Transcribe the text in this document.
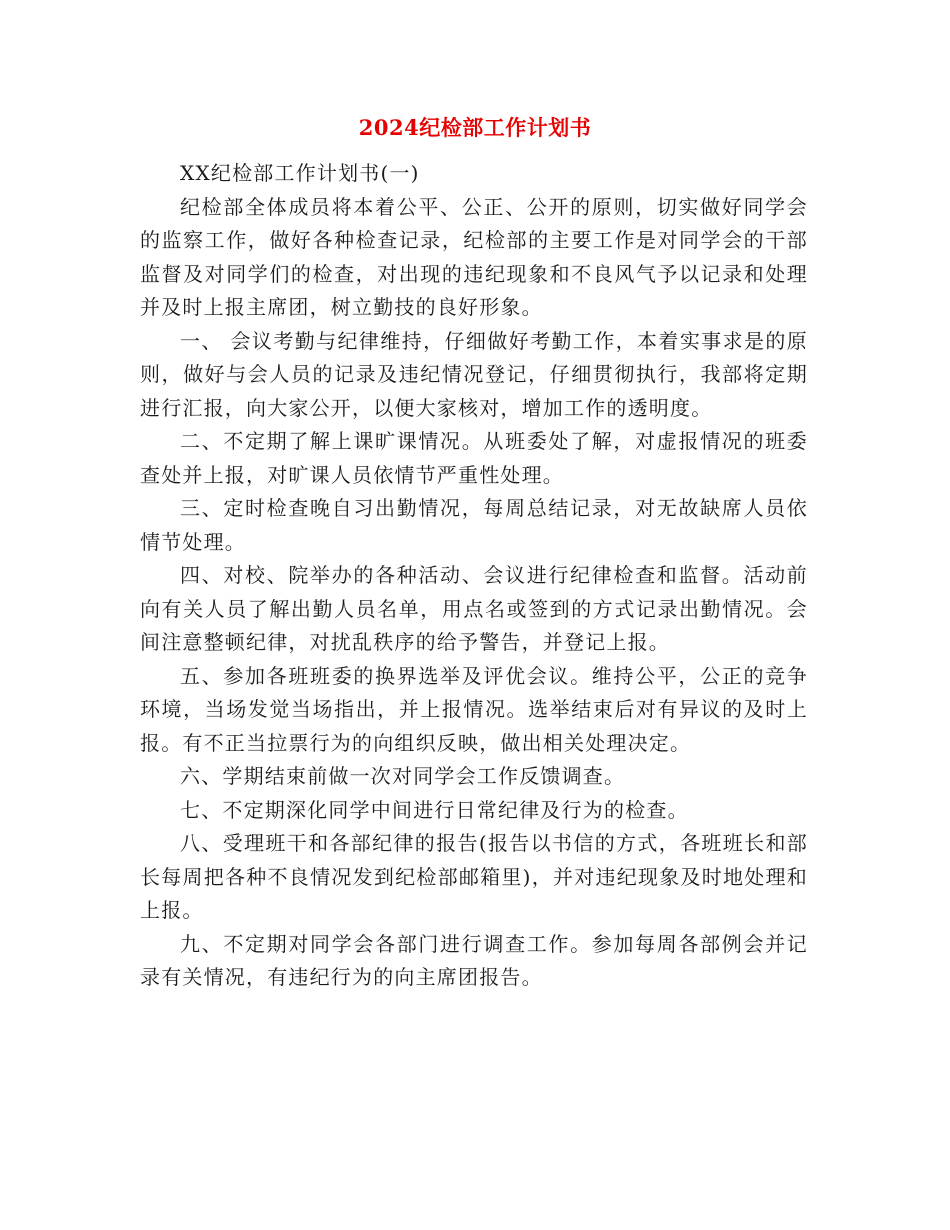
2024纪检部工作计划书

XX纪检部工作计划书(一)

纪检部全体成员将本着公平、公正、公开的原则，切实做好同学会的监察工作，做好各种检查记录，纪检部的主要工作是对同学会的干部监督及对同学们的检查，对出现的违纪现象和不良风气予以记录和处理并及时上报主席团，树立勤技的良好形象。

一、 会议考勤与纪律维持，仔细做好考勤工作，本着实事求是的原则，做好与会人员的记录及违纪情况登记，仔细贯彻执行，我部将定期进行汇报，向大家公开，以便大家核对，增加工作的透明度。

二、不定期了解上课旷课情况。从班委处了解，对虚报情况的班委查处并上报，对旷课人员依情节严重性处理。

三、定时检查晚自习出勤情况，每周总结记录，对无故缺席人员依情节处理。

四、对校、院举办的各种活动、会议进行纪律检查和监督。活动前向有关人员了解出勤人员名单，用点名或签到的方式记录出勤情况。会间注意整顿纪律，对扰乱秩序的给予警告，并登记上报。

五、参加各班班委的换界选举及评优会议。维持公平，公正的竞争环境，当场发觉当场指出，并上报情况。选举结束后对有异议的及时上报。有不正当拉票行为的向组织反映，做出相关处理决定。

六、学期结束前做一次对同学会工作反馈调查。

七、不定期深化同学中间进行日常纪律及行为的检查。

八、受理班干和各部纪律的报告(报告以书信的方式，各班班长和部长每周把各种不良情况发到纪检部邮箱里)，并对违纪现象及时地处理和上报。

九、不定期对同学会各部门进行调查工作。参加每周各部例会并记录有关情况，有违纪行为的向主席团报告。
